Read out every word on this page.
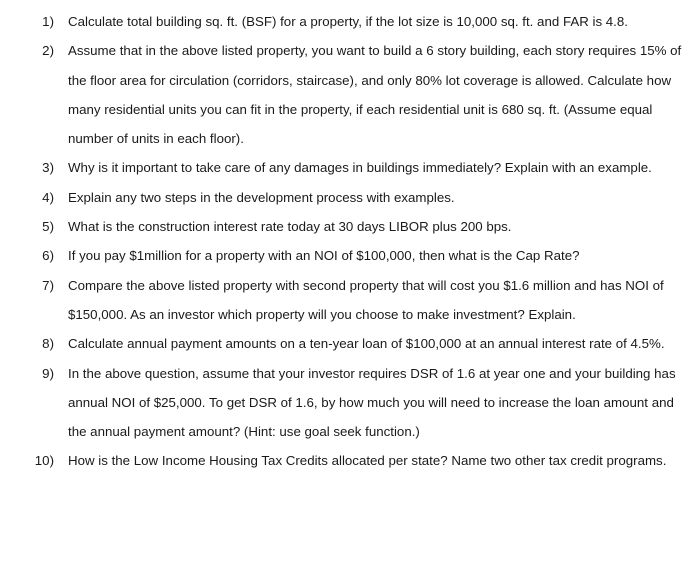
1) Calculate total building sq. ft. (BSF) for a property, if the lot size is 10,000 sq. ft. and FAR is 4.8.
2) Assume that in the above listed property, you want to build a 6 story building, each story requires 15% of the floor area for circulation (corridors, staircase), and only 80% lot coverage is allowed. Calculate how many residential units you can fit in the property, if each residential unit is 680 sq. ft. (Assume equal number of units in each floor).
3) Why is it important to take care of any damages in buildings immediately? Explain with an example.
4) Explain any two steps in the development process with examples.
5) What is the construction interest rate today at 30 days LIBOR plus 200 bps.
6) If you pay $1million for a property with an NOI of $100,000, then what is the Cap Rate?
7) Compare the above listed property with second property that will cost you $1.6 million and has NOI of $150,000. As an investor which property will you choose to make investment? Explain.
8) Calculate annual payment amounts on a ten-year loan of $100,000 at an annual interest rate of 4.5%.
9) In the above question, assume that your investor requires DSR of 1.6 at year one and your building has annual NOI of $25,000. To get DSR of 1.6, by how much you will need to increase the loan amount and the annual payment amount? (Hint: use goal seek function.)
10) How is the Low Income Housing Tax Credits allocated per state? Name two other tax credit programs.
